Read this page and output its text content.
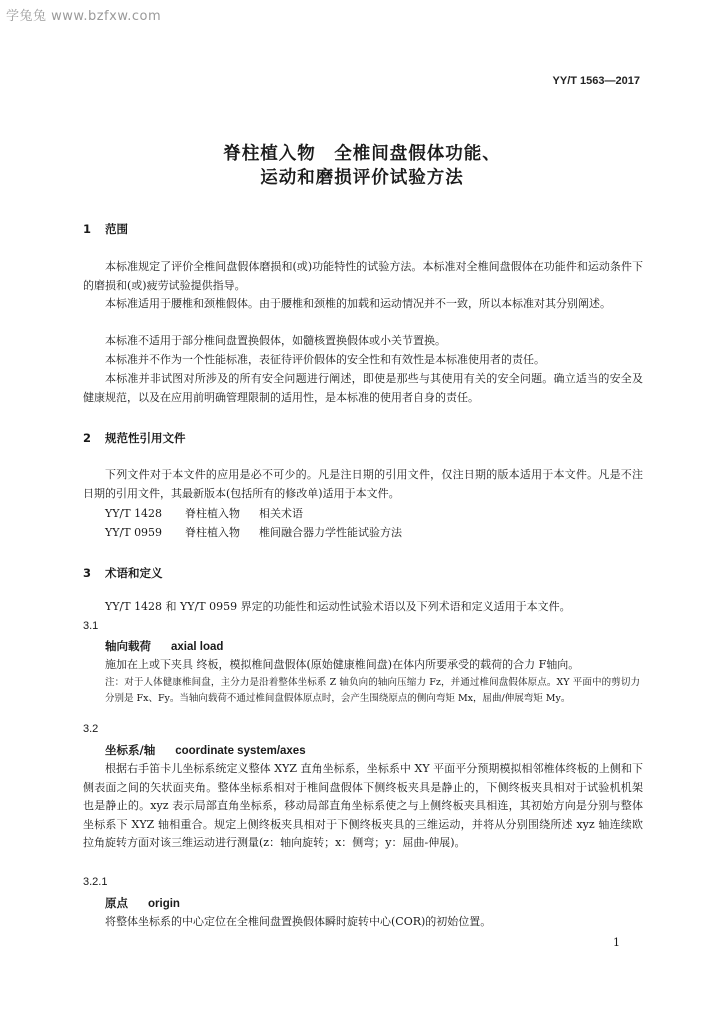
学兔兔 www.bzfxw.com
YY/T 1563—2017
脊柱植入物　全椎间盘假体功能、
运动和磨损评价试验方法
1 范围

本标准规定了评价全椎间盘假体磨损和(或)功能特性的试验方法。本标准对全椎间盘假体在功能件和运动条件下的磨损和(或)疲劳试验提供指导。

本标准适用于腰椎和颈椎假体。由于腰椎和颈椎的加载和运动情况并不一致，所以本标准对其分别阐述。

本标准不适用于部分椎间盘置换假体，如髓核置换假体或小关节置换。

本标准并不作为一个性能标准，表征待评价假体的安全性和有效性是本标准使用者的责任。

本标准并非试图对所涉及的所有安全问题进行阐述，即使是那些与其使用有关的安全问题。确立适当的安全及健康规范，以及在应用前明确管理限制的适用性，是本标准的使用者自身的责任。

2 规范性引用文件

下列文件对于本文件的应用是必不可少的。凡是注日期的引用文件，仅注日期的版本适用于本文件。凡是不注日期的引用文件，其最新版本(包括所有的修改单)适用于本文件。

YY/T 1428 脊柱植入物 相关术语
YY/T 0959 脊柱植入物 椎间融合器力学性能试验方法
3 术语和定义

YY/T 1428 和 YY/T 0959 界定的功能性和运动性试验术语以及下列术语和定义适用于本文件。

3.1
轴向载荷 axial load

施加在上或下夹具 终板，模拟椎间盘假体(原始健康椎间盘)在体内所要承受的载荷的合力 F轴向。

注：对于人体健康椎间盘，主分力是沿着整体坐标系 Z 轴负向的轴向压缩力 Fz，并通过椎间盘假体原点。XY 平面中的剪切力分别是 Fx、Fy。当轴向载荷不通过椎间盘假体原点时，会产生围绕原点的侧向弯矩 Mx，屈曲/伸展弯矩 My。

3.2
坐标系/轴 coordinate system/axes

根据右手笛卡儿坐标系统定义整体 XYZ 直角坐标系，坐标系中 XY 平面平分预期模拟相邻椎体终板的上侧和下侧表面之间的矢状面夹角。整体坐标系相对于椎间盘假体下侧终板夹具是静止的，下侧终板夹具相对于试验机机架也是静止的。xyz 表示局部直角坐标系，移动局部直角坐标系使之与上侧终板夹具相连，其初始方向是分别与整体坐标系下 XYZ 轴相重合。规定上侧终板夹具相对于下侧终板夹具的三维运动，并将从分别围绕所述 xyz 轴连续欧拉角旋转方面对该三维运动进行测量(z：轴向旋转；x：侧弯；y：屈曲-伸展)。

3.2.1
原点 origin

将整体坐标系的中心定位在全椎间盘置换假体瞬时旋转中心(COR)的初始位置。

1
